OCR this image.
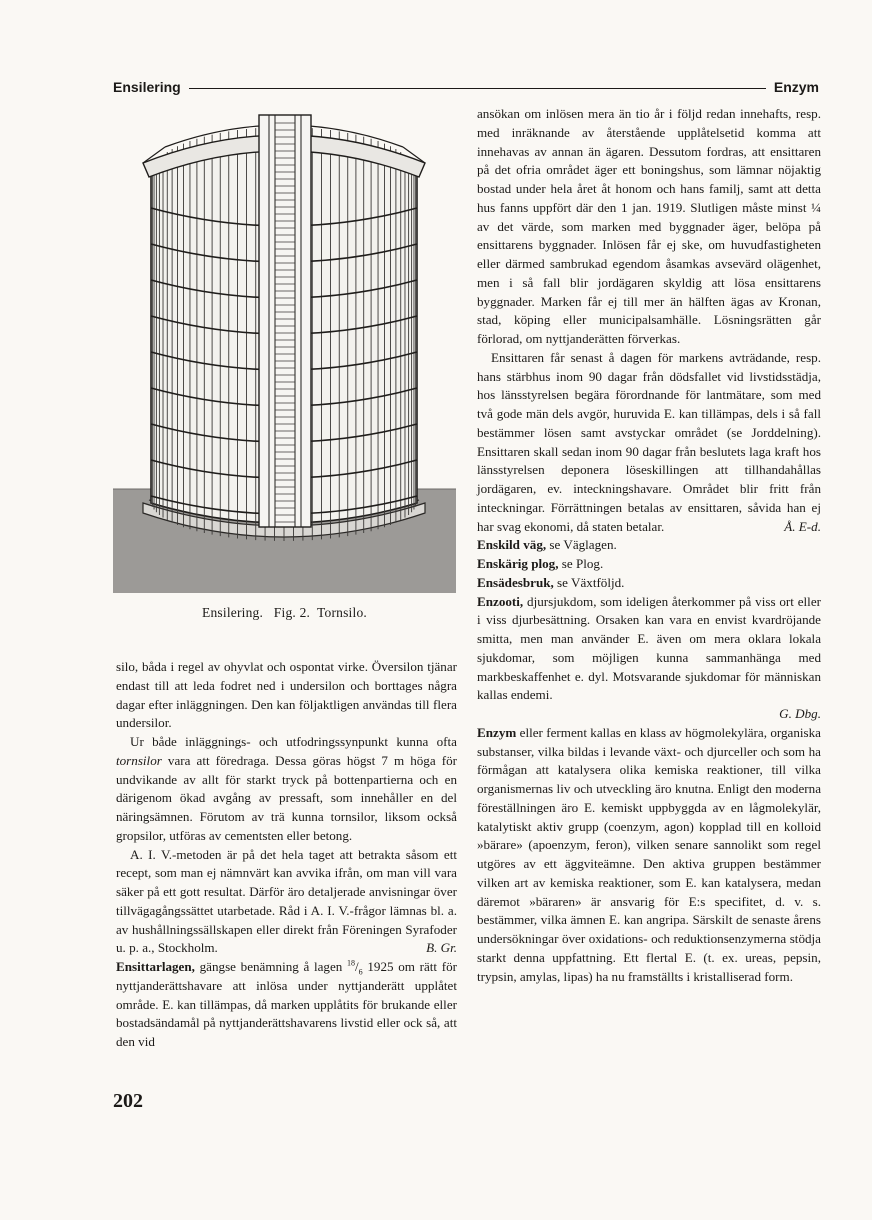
Ensilering	Enzym
Ensilering.   Fig. 2.  Tornsilo.

silo, båda i regel av ohyvlat och ospontat virke. Översilon tjänar endast till att leda fodret ned i undersilon och borttages några dagar efter inläggningen. Den kan följaktligen användas till flera undersilor.

Ur både inläggnings- och utfodringssynpunkt kunna ofta tornsilor vara att föredraga. Dessa göras högst 7 m höga för undvikande av allt för starkt tryck på bottenpartierna och en därigenom ökad avgång av pressaft, som innehåller en del näringsämnen. Förutom av trä kunna tornsilor, liksom också gropsilor, utföras av cementsten eller betong.

A. I. V.-metoden är på det hela taget att betrakta såsom ett recept, som man ej nämnvärt kan avvika ifrån, om man vill vara säker på ett gott resultat. Därför äro detaljerade anvisningar över tillvägagångssättet utarbetade. Råd i A. I. V.-frågor lämnas bl. a. av hushållningssällskapen eller direkt från Föreningen Syrafoder u. p. a., Stockholm.	B. Gr.

Ensittarlagen, gängse benämning å lagen $^{18}/_6$ 1925 om rätt för nyttjanderättshavare att inlösa under nyttjanderätt upplåtet område. E. kan tillämpas, då marken upplåtits för brukande eller bostadsändamål på nyttjanderättshavarens livstid eller ock så, att den vid

ansökan om inlösen mera än tio år i följd redan innehafts, resp. med inräknande av återstående upplåtelsetid komma att innehavas av annan än ägaren. Dessutom fordras, att ensittaren på det ofria området äger ett boningshus, som lämnar nöjaktig bostad under hela året åt honom och hans familj, samt att detta hus fanns uppfört där den 1 jan. 1919. Slutligen måste minst ¼ av det värde, som marken med byggnader äger, belöpa på ensittarens byggnader. Inlösen får ej ske, om huvudfastigheten eller därmed sambrukad egendom åsamkas avsevärd olägenhet, men i så fall blir jordägaren skyldig att lösa ensittarens byggnader. Marken får ej till mer än hälften ägas av Kronan, stad, köping eller municipalsamhälle. Lösningsrätten går förlorad, om nyttjanderätten förverkas.

Ensittaren får senast å dagen för markens avträdande, resp. hans stärbhus inom 90 dagar från dödsfallet vid livstidsstädja, hos länsstyrelsen begära förordnande för lantmätare, som med två gode män dels avgör, huruvida E. kan tillämpas, dels i så fall bestämmer lösen samt avstyckar området (se Jorddelning). Ensittaren skall sedan inom 90 dagar från beslutets laga kraft hos länsstyrelsen deponera löseskillingen att tillhandahållas jordägaren, ev. inteckningshavare. Området blir fritt från inteckningar. Förrättningen betalas av ensittaren, såvida han ej har svag ekonomi, då staten betalar.	Å. E-d.

Enskild väg, se Väglagen.

Enskärig plog, se Plog.

Ensädesbruk, se Växtföljd.

Enzooti, djursjukdom, som ideligen återkommer på viss ort eller i viss djurbesättning. Orsaken kan vara en envist kvardröjande smitta, men man använder E. även om mera oklara lokala sjukdomar, som möjligen kunna sammanhänga med markbeskaffenhet e. dyl. Motsvarande sjukdomar för människan kallas endemi.

G. Dbg.

Enzym eller ferment kallas en klass av högmolekylära, organiska substanser, vilka bildas i levande växt- och djurceller och som ha förmågan att katalysera olika kemiska reaktioner, till vilka organismernas liv och utveckling äro knutna. Enligt den moderna föreställningen äro E. kemiskt uppbyggda av en lågmolekylär, katalytiskt aktiv grupp (coenzym, agon) kopplad till en kolloid »bärare» (apoenzym, feron), vilken senare sannolikt som regel utgöres av ett äggviteämne. Den aktiva gruppen bestämmer vilken art av kemiska reaktioner, som E. kan katalysera, medan däremot »bäraren» är ansvarig för E:s specifitet, d. v. s. bestämmer, vilka ämnen E. kan angripa. Särskilt de senaste årens undersökningar över oxidations- och reduktionsenzymerna stödja starkt denna uppfattning. Ett flertal E. (t. ex. ureas, pepsin, trypsin, amylas, lipas) ha nu framställts i kristalliserad form.

202
